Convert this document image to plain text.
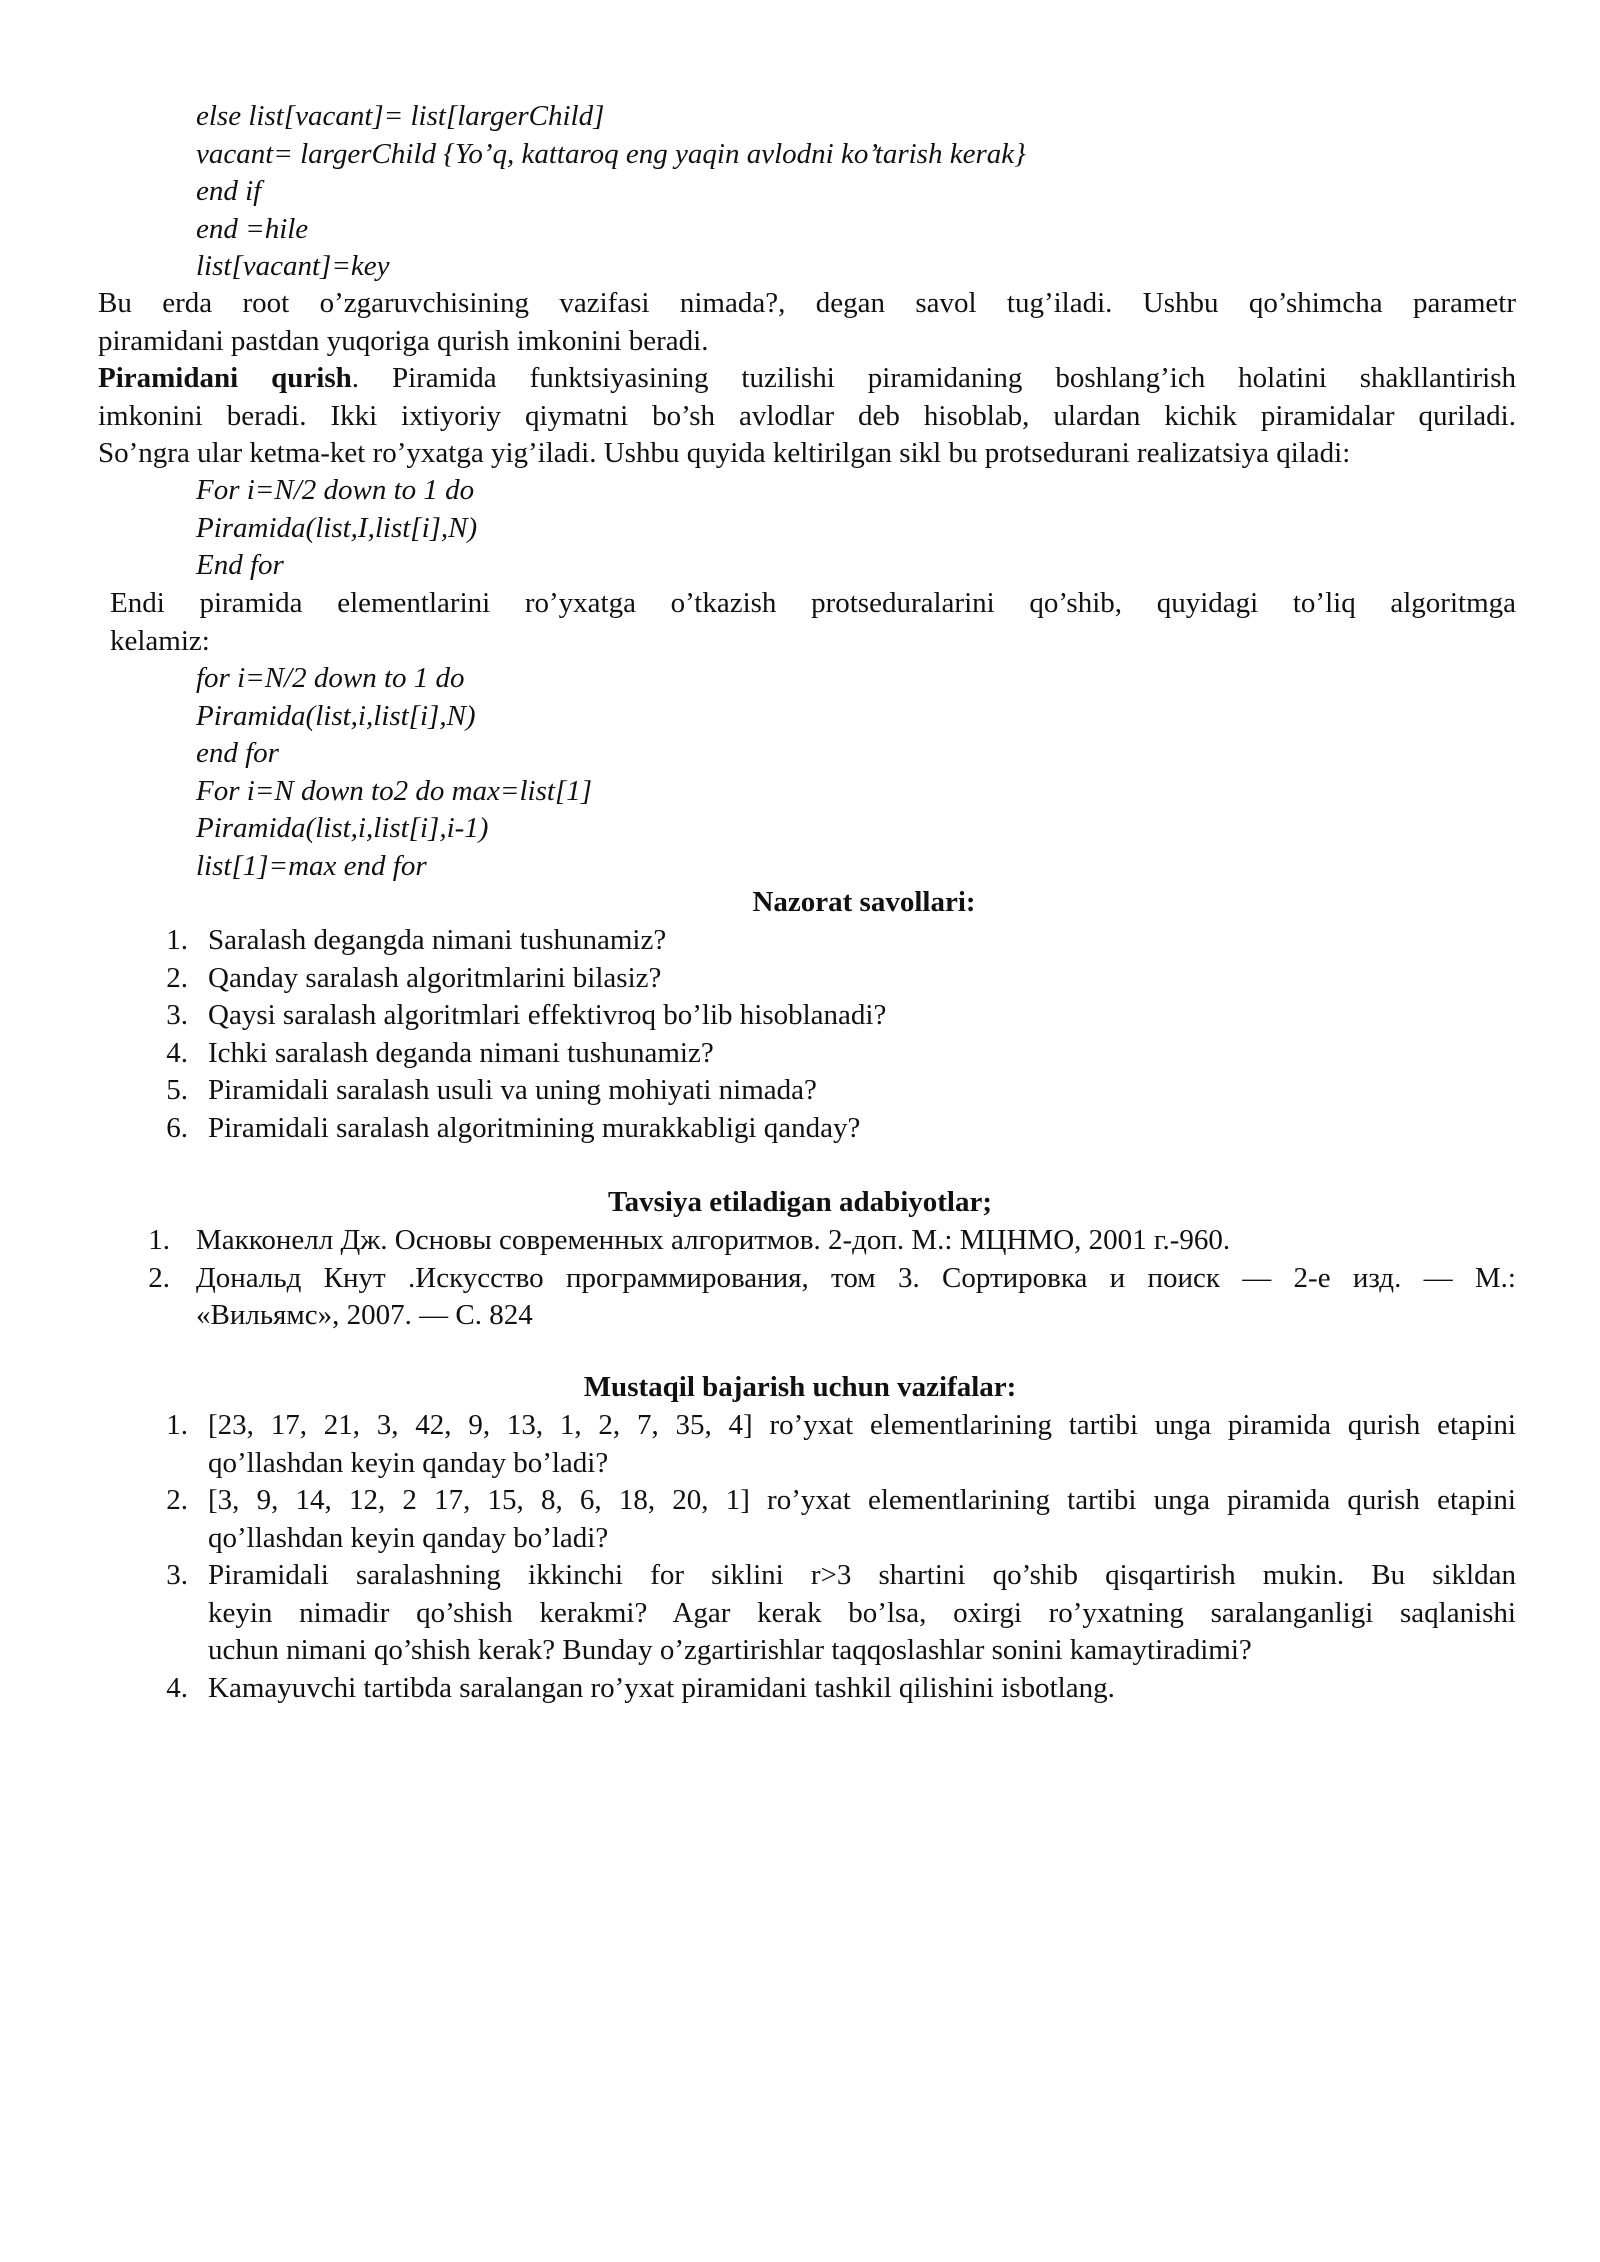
else list[vacant]= list[largerChild]
vacant= largerChild {Yo’q, kattaroq eng yaqin avlodni ko’tarish kerak}
end if
end =hile
list[vacant]=key
Bu erda root o’zgaruvchisining vazifasi nimada?, degan savol tug’iladi. Ushbu qo’shimcha parametr
piramidani pastdan yuqoriga qurish imkonini beradi.
Piramidani qurish. Piramida funktsiyasining tuzilishi piramidaning boshlang’ich holatini shakllantirish
imkonini beradi. Ikki ixtiyoriy qiymatni bo’sh avlodlar deb hisoblab, ulardan kichik piramidalar quriladi.
So’ngra ular ketma-ket ro’yxatga yig’iladi. Ushbu quyida keltirilgan sikl bu protsedurani realizatsiya qiladi:
For i=N/2 down to 1 do
Piramida(list,I,list[i],N)
End for
Endi piramida elementlarini ro’yxatga o’tkazish protseduralarini qo’shib, quyidagi to’liq algoritmga
kelamiz:
for i=N/2 down to 1 do
Piramida(list,i,list[i],N)
end for
For i=N down to2 do max=list[1]
Piramida(list,i,list[i],i-1)
list[1]=max end for
Nazorat savollari:
1. Saralash degangda nimani tushunamiz?
2. Qanday saralash algoritmlarini bilasiz?
3. Qaysi saralash algoritmlari effektivroq bo’lib hisoblanadi?
4. Ichki saralash deganda nimani tushunamiz?
5. Piramidali saralash usuli va uning mohiyati nimada?
6. Piramidali saralash algoritmining murakkabligi qanday?
Tavsiya etiladigan adabiyotlar;
1. Макконелл Дж. Основы современных алгоритмов. 2-доп. М.: МЦНМО, 2001 г.-960.
2. Дональд Кнут .Искусство программирования, том 3. Сортировка и поиск — 2-е изд. — М.:
«Вильямс», 2007. — С. 824
Mustaqil bajarish uchun vazifalar:
1. [23, 17, 21, 3, 42, 9, 13, 1, 2, 7, 35, 4] ro’yxat elementlarining tartibi unga piramida qurish etapini
qo’llashdan keyin qanday bo’ladi?
2. [3, 9, 14, 12, 2 17, 15, 8, 6, 18, 20, 1] ro’yxat elementlarining tartibi unga piramida qurish etapini
qo’llashdan keyin qanday bo’ladi?
3. Piramidali saralashning ikkinchi for siklini r>3 shartini qo’shib qisqartirish mukin. Bu sikldan
keyin nimadir qo’shish kerakmi? Agar kerak bo’lsa, oxirgi ro’yxatning saralanganligi saqlanishi
uchun nimani qo’shish kerak? Bunday o’zgartirishlar taqqoslashlar sonini kamaytiradimi?
4. Kamayuvchi tartibda saralangan ro’yxat piramidani tashkil qilishini isbotlang.
